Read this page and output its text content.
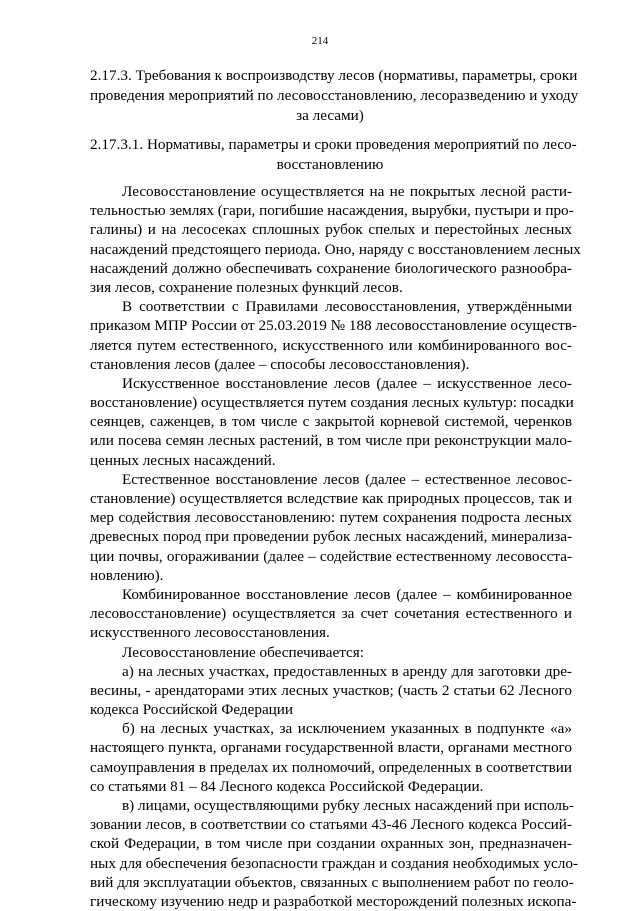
214
2.17.3. Требования к воспроизводству лесов (нормативы, параметры, сроки
проведения мероприятий по лесовосстановлению, лесоразведению и уходу
за лесами)
2.17.3.1. Нормативы, параметры и сроки проведения мероприятий по лесо-
восстановлению
Лесовосстановление осуществляется на не покрытых лесной расти-
тельностью землях (гари, погибшие насаждения, вырубки, пустыри и про-
галины) и на лесосеках сплошных рубок спелых и перестойных лесных
насаждений предстоящего периода. Оно, наряду с восстановлением лесных
насаждений должно обеспечивать сохранение биологического разнообра-
зия лесов, сохранение полезных функций лесов.
В соответствии с Правилами лесовосстановления, утверждёнными
приказом МПР России от 25.03.2019 № 188 лесовосстановление осуществ-
ляется путем естественного, искусственного или комбинированного вос-
становления лесов (далее – способы лесовосстановления).
Искусственное восстановление лесов (далее – искусственное лесо-
восстановление) осуществляется путем создания лесных культур: посадки
сеянцев, саженцев, в том числе с закрытой корневой системой, черенков
или посева семян лесных растений, в том числе при реконструкции мало-
ценных лесных насаждений.
Естественное восстановление лесов (далее – естественное лесовос-
становление) осуществляется вследствие как природных процессов, так и
мер содействия лесовосстановлению: путем сохранения подроста лесных
древесных пород при проведении рубок лесных насаждений, минерализа-
ции почвы, огораживании (далее – содействие естественному лесовосста-
новлению).
Комбинированное восстановление лесов (далее – комбинированное
лесовосстановление) осуществляется за счет сочетания естественного и
искусственного лесовосстановления.
Лесовосстановление обеспечивается:
а) на лесных участках, предоставленных в аренду для заготовки дре-
весины, - арендаторами этих лесных участков; (часть 2 статьи 62 Лесного
кодекса Российской Федерации
б) на лесных участках, за исключением указанных в подпункте «а»
настоящего пункта, органами государственной власти, органами местного
самоуправления в пределах их полномочий, определенных в соответствии
со статьями 81 – 84 Лесного кодекса Российской Федерации.
в) лицами, осуществляющими рубку лесных насаждений при исполь-
зовании лесов, в соответствии со статьями 43-46 Лесного кодекса Россий-
ской Федерации, в том числе при создании охранных зон, предназначен-
ных для обеспечения безопасности граждан и создания необходимых усло-
вий для эксплуатации объектов, связанных с выполнением работ по геоло-
гическому изучению недр и разработкой месторождений полезных ископа-
